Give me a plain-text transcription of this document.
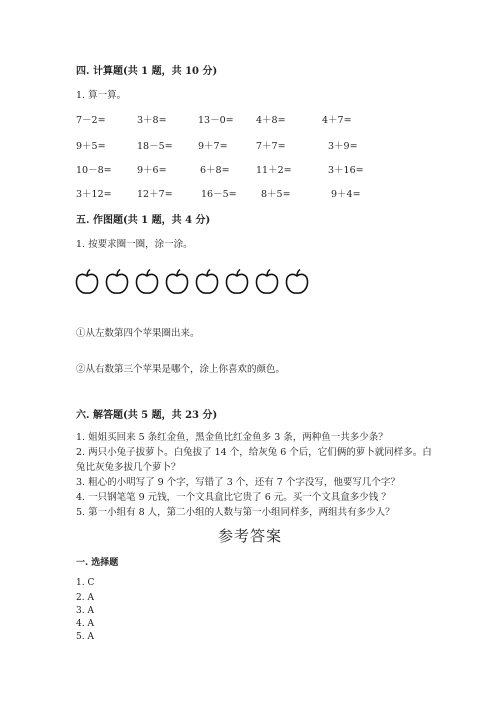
四. 计算题(共 1 题，共 10 分)
1. 算一算。
7－2=	3＋8=	13－0= 4＋8=	4＋7=
9＋5=	18－5=	9＋7=	7＋7=	3＋9=
10－8=	9＋6=	6＋8=	11＋2=	3＋16=
3＋12=	12＋7=	16－5=	8＋5=	9＋4=
五. 作图题(共 1 题，共 4 分)
1. 按要求圈一圈，涂一涂。
①从左数第四个苹果圈出来。
②从右数第三个苹果是哪个，涂上你喜欢的颜色。
六. 解答题(共 5 题，共 23 分)
1. 姐姐买回来 5 条红金鱼，黑金鱼比红金鱼多 3 条，两种鱼一共多少条？
2. 两只小兔子拔萝卜。白兔拔了 14 个，给灰兔 6 个后，它们俩的萝卜就同样多。白兔比灰兔多拔几个萝卜？
3. 粗心的小明写了 9 个字，写错了 3 个，还有 7 个字没写，他要写几个字？
4. 一只钢笔笔 9 元钱，一个文具盒比它贵了 6 元。买一个文具盒多少钱 ？
5. 第一小组有 8 人，第二小组的人数与第一小组同样多，两组共有多少人？
参考答案
一. 选择题
1. C
2. A
3. A
4. A
5. A
